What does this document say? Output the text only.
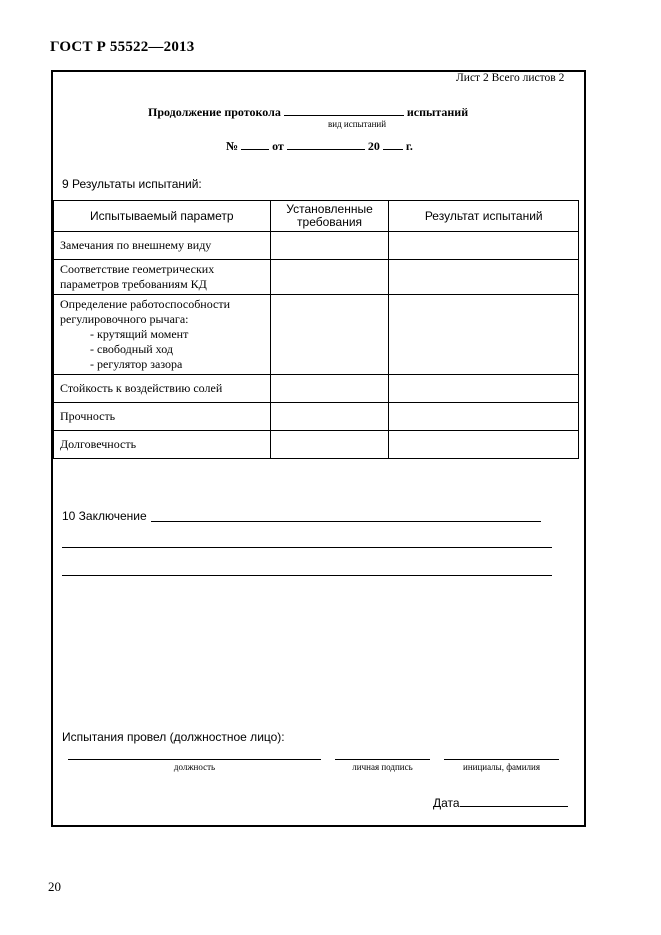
ГОСТ Р 55522—2013
Лист 2 Всего листов 2
Продолжение протокола	испытаний
вид испытаний
№	от	20 г.
9 Результаты испытаний:
Испытываемый параметр	Установленные требования	Результат испытаний
Замечания по внешнему виду		
Соответствие геометрических параметров требованиям КД		
Определение работоспособности регулировочного рычага:
- крутящий момент
- свободный ход
- регулятор зазора		

Стойкость к воздействию солей		
Прочность		
Долговечность		
10 Заключение
Испытания провел (должностное лицо):
должность	личная подпись	инициалы, фамилия
Дата
20
